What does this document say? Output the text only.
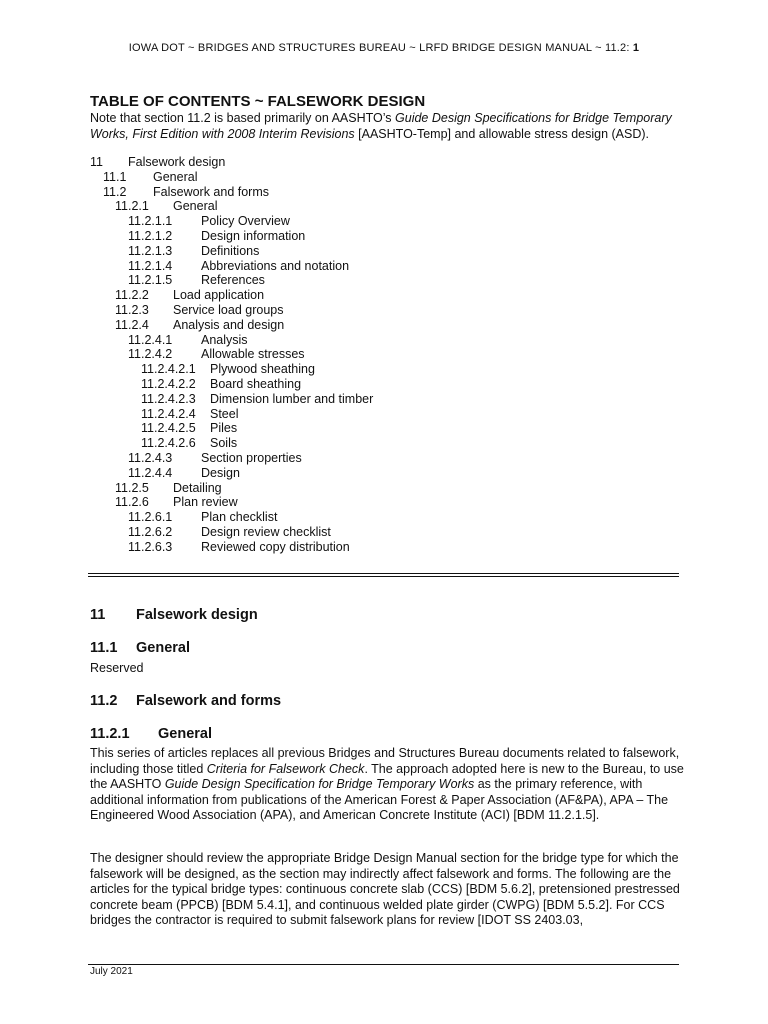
IOWA DOT ~ BRIDGES AND STRUCTURES BUREAU ~ LRFD BRIDGE DESIGN MANUAL ~ 11.2: 1
TABLE OF CONTENTS ~ FALSEWORK DESIGN
Note that section 11.2 is based primarily on AASHTO’s Guide Design Specifications for Bridge Temporary Works, First Edition with 2008 Interim Revisions [AASHTO-Temp] and allowable stress design (ASD).
11 Falsework design
11.1 General
11.2 Falsework and forms
11.2.1 General
11.2.1.1 Policy Overview
11.2.1.2 Design information
11.2.1.3 Definitions
11.2.1.4 Abbreviations and notation
11.2.1.5 References
11.2.2 Load application
11.2.3 Service load groups
11.2.4 Analysis and design
11.2.4.1 Analysis
11.2.4.2 Allowable stresses
11.2.4.2.1 Plywood sheathing
11.2.4.2.2 Board sheathing
11.2.4.2.3 Dimension lumber and timber
11.2.4.2.4 Steel
11.2.4.2.5 Piles
11.2.4.2.6 Soils
11.2.4.3 Section properties
11.2.4.4 Design
11.2.5 Detailing
11.2.6 Plan review
11.2.6.1 Plan checklist
11.2.6.2 Design review checklist
11.2.6.3 Reviewed copy distribution
11 Falsework design
11.1 General
Reserved
11.2 Falsework and forms
11.2.1 General
This series of articles replaces all previous Bridges and Structures Bureau documents related to falsework, including those titled Criteria for Falsework Check. The approach adopted here is new to the Bureau, to use the AASHTO Guide Design Specification for Bridge Temporary Works as the primary reference, with additional information from publications of the American Forest & Paper Association (AF&PA), APA – The Engineered Wood Association (APA), and American Concrete Institute (ACI) [BDM 11.2.1.5].
The designer should review the appropriate Bridge Design Manual section for the bridge type for which the falsework will be designed, as the section may indirectly affect falsework and forms. The following are the articles for the typical bridge types: continuous concrete slab (CCS) [BDM 5.6.2], pretensioned prestressed concrete beam (PPCB) [BDM 5.4.1], and continuous welded plate girder (CWPG) [BDM 5.5.2]. For CCS bridges the contractor is required to submit falsework plans for review [IDOT SS 2403.03,
July 2021
